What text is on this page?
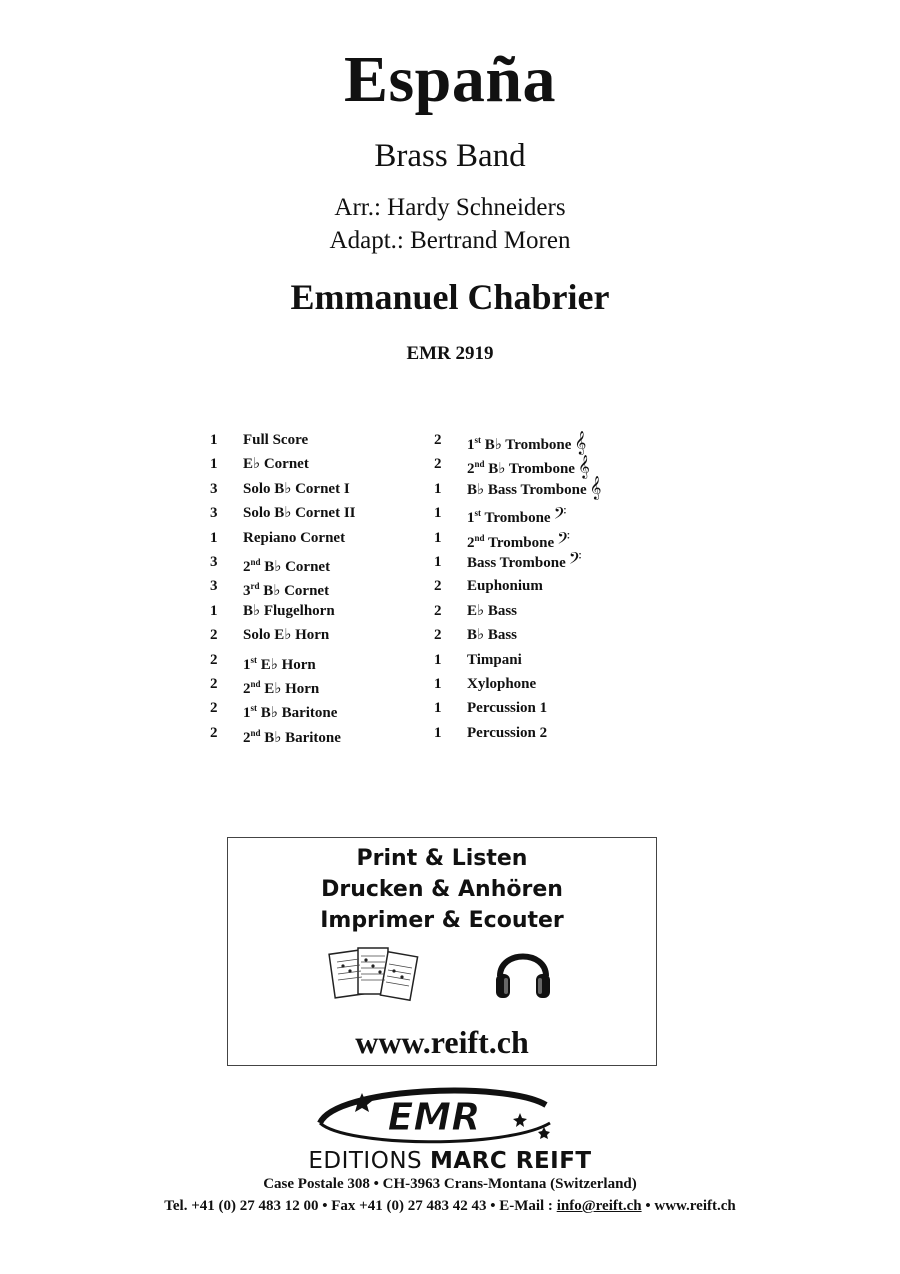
España
Brass Band
Arr.: Hardy Schneiders
Adapt.: Bertrand Moren
Emmanuel Chabrier
EMR 2919
1	Full Score
1	E♭ Cornet
3	Solo B♭ Cornet I
3	Solo B♭ Cornet II
1	Repiano Cornet
3	2nd B♭ Cornet
3	3rd B♭ Cornet
1	B♭ Flugelhorn
2	Solo E♭ Horn
2	1st E♭ Horn
2	2nd E♭ Horn
2	1st B♭ Baritone
2	2nd B♭ Baritone
2	1st B♭ Trombone 𝄞
2	2nd B♭ Trombone 𝄞
1	B♭ Bass Trombone 𝄞
1	1st Trombone 𝄢
1	2nd Trombone 𝄢
1	Bass Trombone 𝄢
2	Euphonium
2	E♭ Bass
2	B♭ Bass
1	Timpani
1	Xylophone
1	Percussion 1
1	Percussion 2
Print & Listen
Drucken & Anhören
Imprimer & Ecouter
www.reift.ch
EMR
EDITIONS MARC REIFT
Case Postale 308 • CH-3963 Crans-Montana (Switzerland)
Tel. +41 (0) 27 483 12 00 • Fax +41 (0) 27 483 42 43 • E-Mail : info@reift.ch • www.reift.ch
